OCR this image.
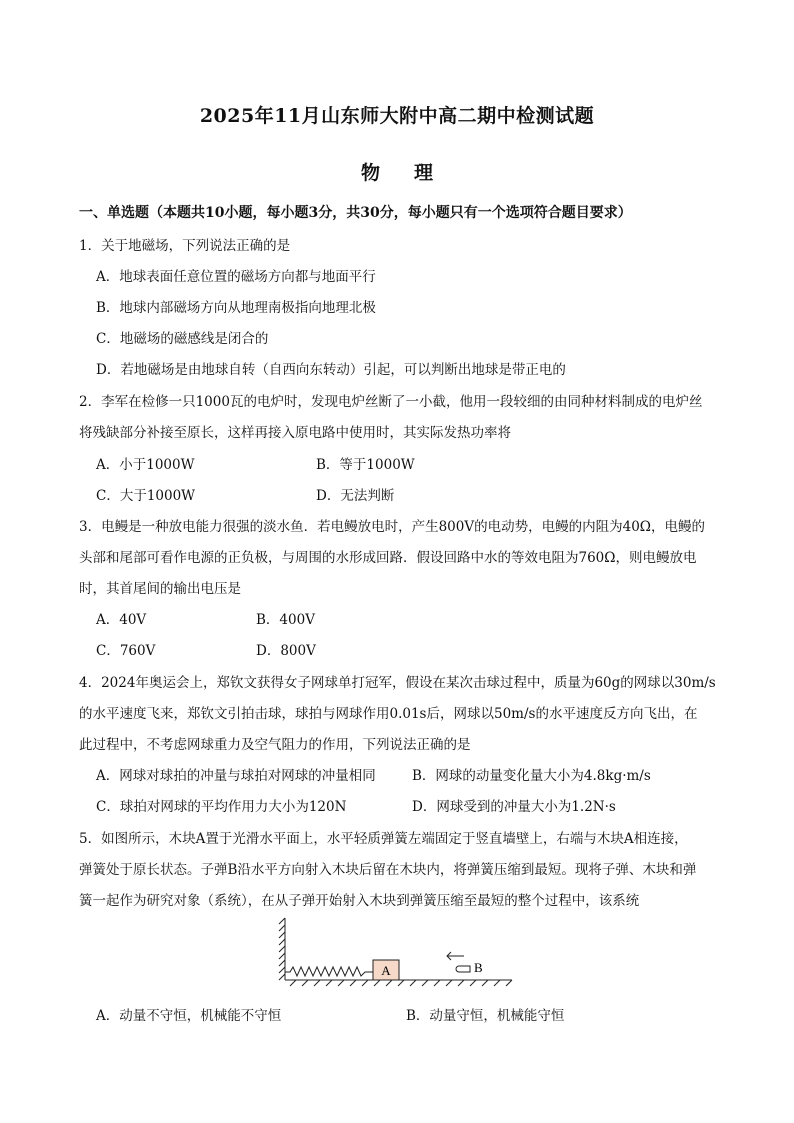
2025年11月山东师大附中高二期中检测试题
物 理
一、单选题（本题共10小题，每小题3分，共30分，每小题只有一个选项符合题目要求）
1．关于地磁场，下列说法正确的是
A．地球表面任意位置的磁场方向都与地面平行
B．地球内部磁场方向从地理南极指向地理北极
C．地磁场的磁感线是闭合的
D．若地磁场是由地球自转（自西向东转动）引起，可以判断出地球是带正电的
2．李军在检修一只1000瓦的电炉时，发现电炉丝断了一小截，他用一段较细的由同种材料制成的电炉丝
将残缺部分补接至原长，这样再接入原电路中使用时，其实际发热功率将
A．小于1000W	B．等于1000W
C．大于1000W	D．无法判断
3．电鳗是一种放电能力很强的淡水鱼．若电鳗放电时，产生800V的电动势，电鳗的内阻为40Ω，电鳗的
头部和尾部可看作电源的正负极，与周围的水形成回路．假设回路中水的等效电阻为760Ω，则电鳗放电
时，其首尾间的输出电压是
A．40V	B．400V
C．760V	D．800V
4．2024年奥运会上，郑钦文获得女子网球单打冠军，假设在某次击球过程中，质量为60g的网球以30m/s
的水平速度飞来，郑钦文引拍击球，球拍与网球作用0.01s后，网球以50m/s的水平速度反方向飞出，在
此过程中，不考虑网球重力及空气阻力的作用，下列说法正确的是
A．网球对球拍的冲量与球拍对网球的冲量相同	B．网球的动量变化量大小为4.8kg·m/s
C．球拍对网球的平均作用力大小为120N	D．网球受到的冲量大小为1.2N·s
5．如图所示，木块A置于光滑水平面上，水平轻质弹簧左端固定于竖直墙壁上，右端与木块A相连接，
弹簧处于原长状态。子弹B沿水平方向射入木块后留在木块内，将弹簧压缩到最短。现将子弹、木块和弹
簧一起作为研究对象（系统），在从子弹开始射入木块到弹簧压缩至最短的整个过程中，该系统
A	B
A．动量不守恒，机械能不守恒	B．动量守恒，机械能守恒
